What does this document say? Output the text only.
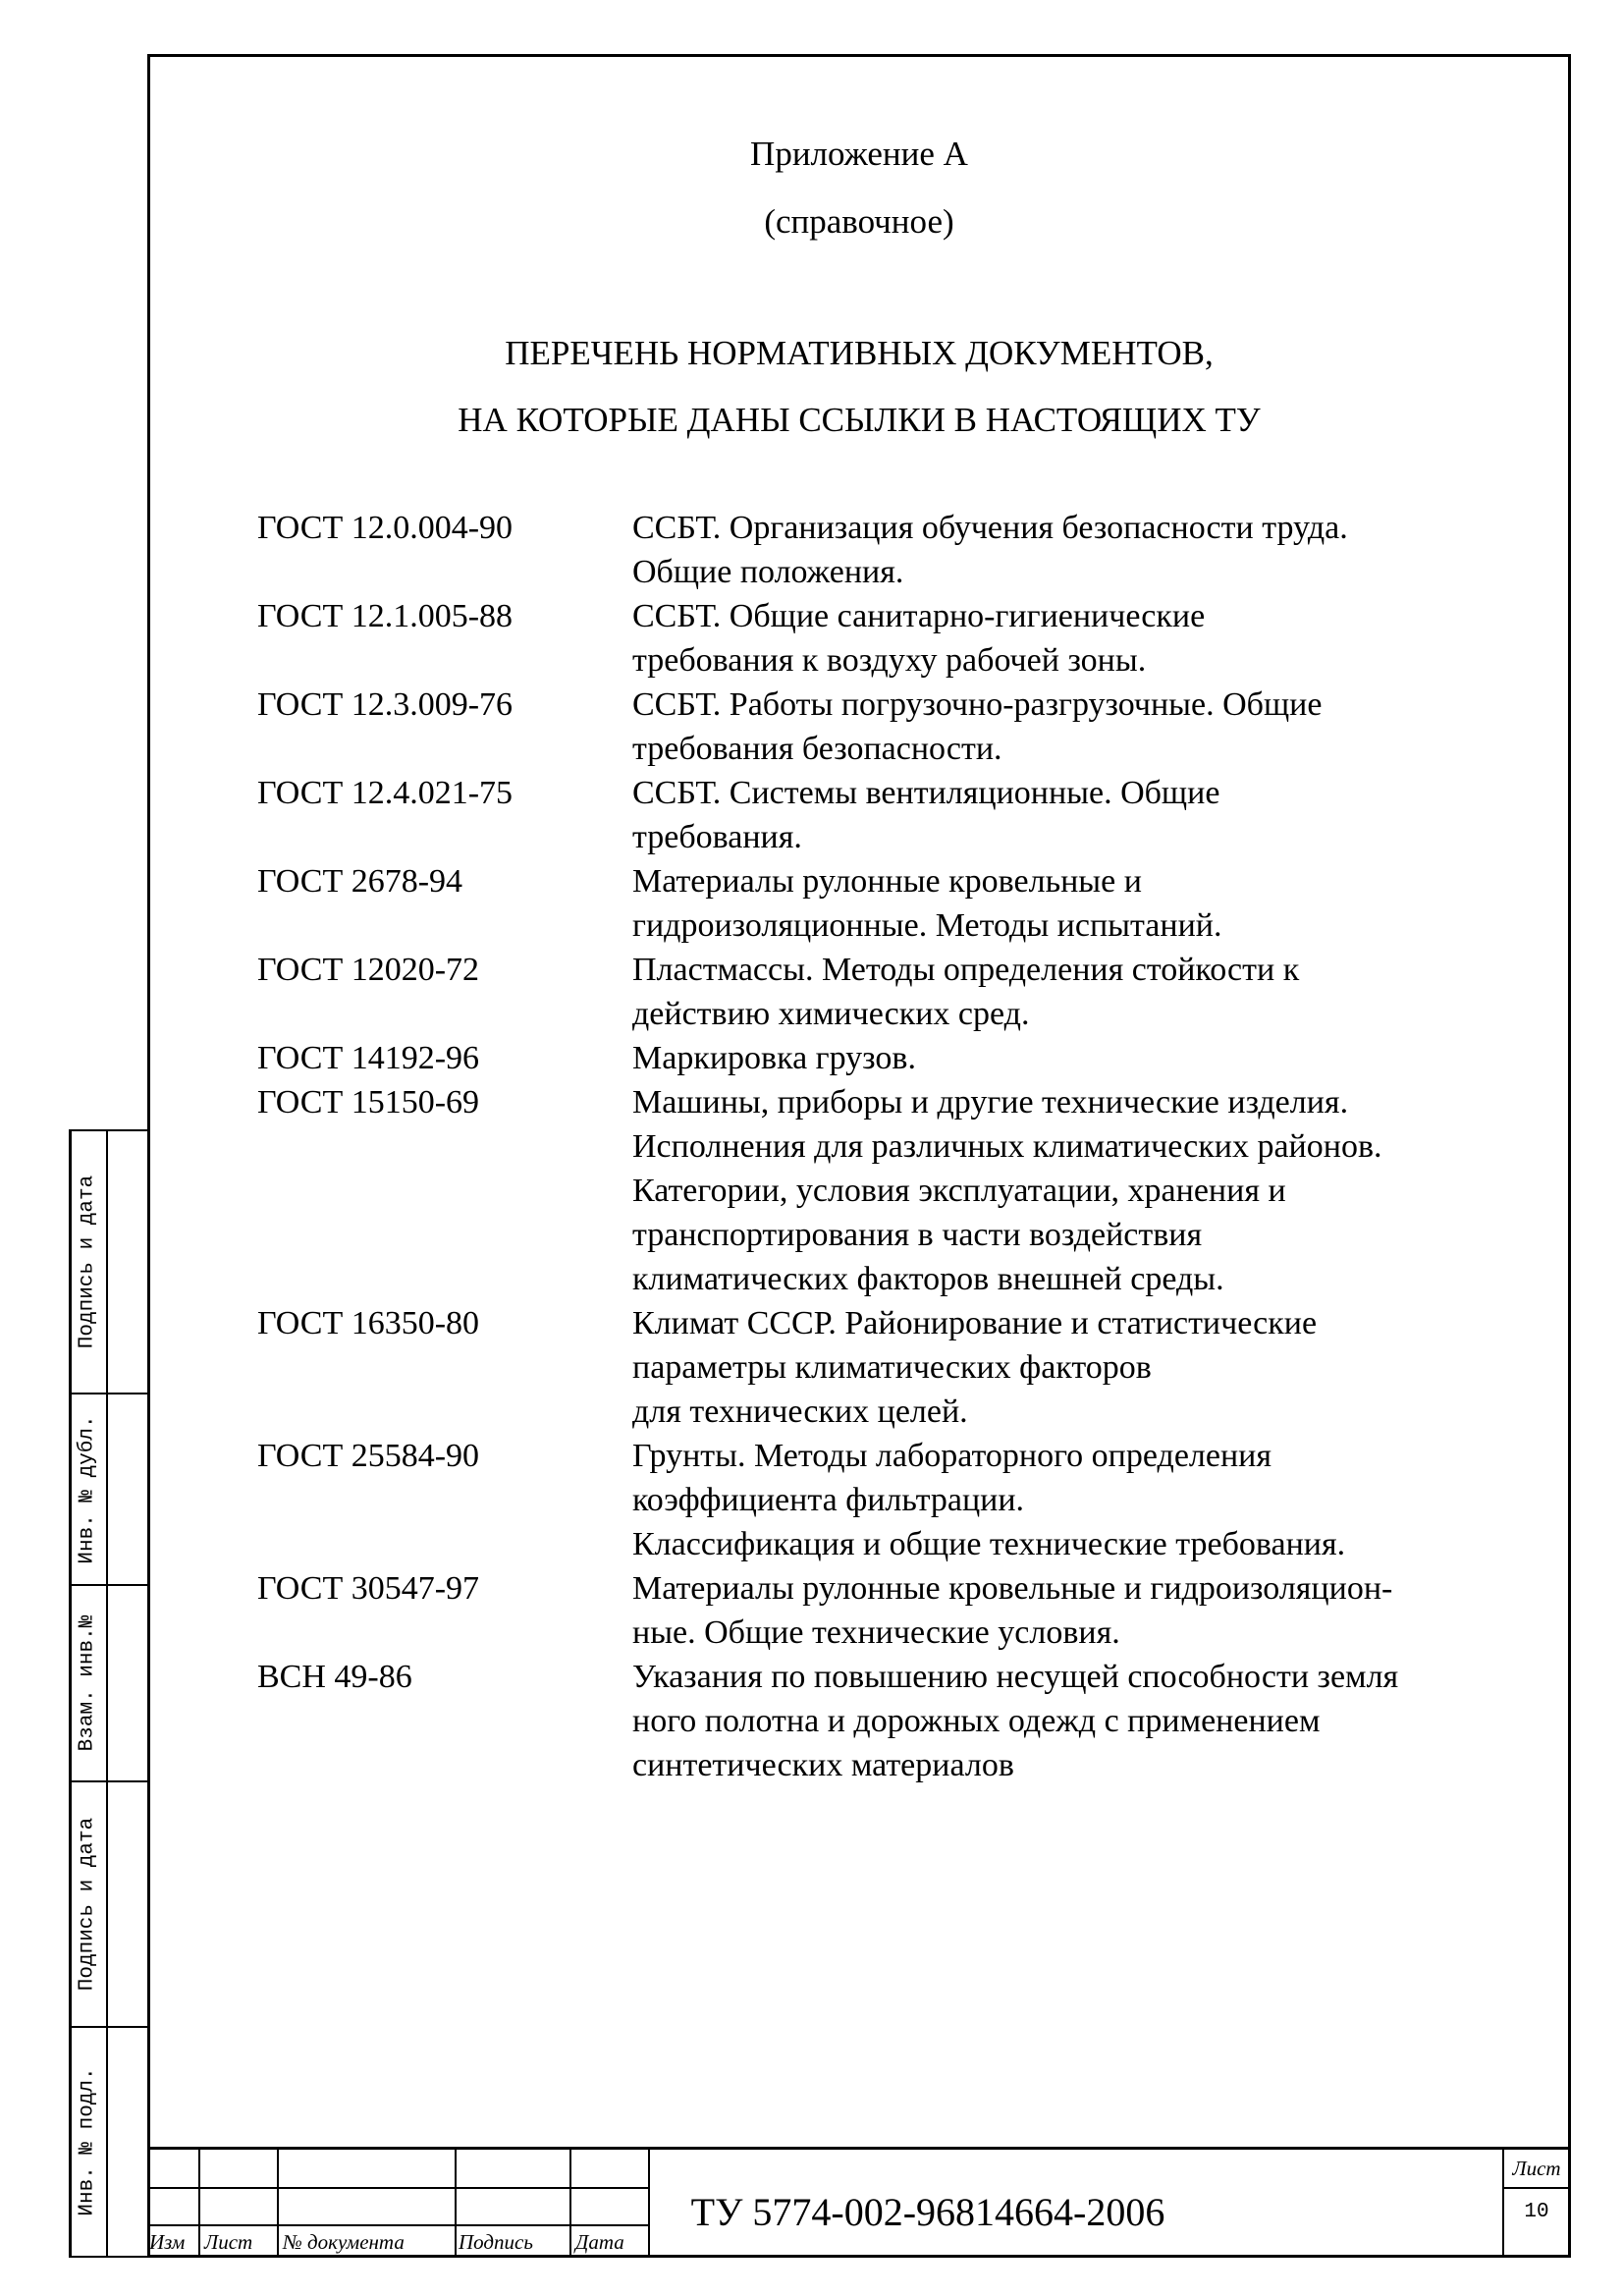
Приложение А
(справочное)
ПЕРЕЧЕНЬ НОРМАТИВНЫХ ДОКУМЕНТОВ,
НА КОТОРЫЕ ДАНЫ ССЫЛКИ В НАСТОЯЩИХ ТУ
ГОСТ 12.0.004-90	ССБТ. Организация обучения безопасности труда.
Общие положения.
ГОСТ 12.1.005-88	ССБТ. Общие санитарно-гигиенические
требования к воздуху рабочей зоны.
ГОСТ 12.3.009-76	ССБТ. Работы погрузочно-разгрузочные. Общие
требования безопасности.
ГОСТ 12.4.021-75	ССБТ. Системы вентиляционные. Общие
требования.
ГОСТ 2678-94	Материалы рулонные кровельные и
гидроизоляционные. Методы испытаний.
ГОСТ 12020-72	Пластмассы. Методы определения стойкости к
действию химических сред.
ГОСТ 14192-96	Маркировка грузов.
ГОСТ 15150-69	Машины, приборы и другие технические изделия.
Исполнения для различных климатических районов.
Категории, условия эксплуатации, хранения и
транспортирования в части воздействия
климатических факторов внешней среды.
ГОСТ 16350-80	Климат СССР. Районирование и статистические
параметры климатических факторов
для технических целей.
ГОСТ 25584-90	Грунты. Методы лабораторного определения
коэффициента фильтрации.
Классификация и общие технические требования.
ГОСТ 30547-97	Материалы рулонные кровельные и гидроизоляцион-
ные. Общие технические условия.
ВСН 49-86	Указания по повышению несущей способности земля
ного полотна и дорожных одежд с применением
синтетических материалов
Подпись и дата
Инв. № дубл.
Взам. инв.№
Подпись и дата
Инв. № подл.
Изм Лист № документа	Подпись Дата
ТУ 5774-002-96814664-2006
Лист
10
